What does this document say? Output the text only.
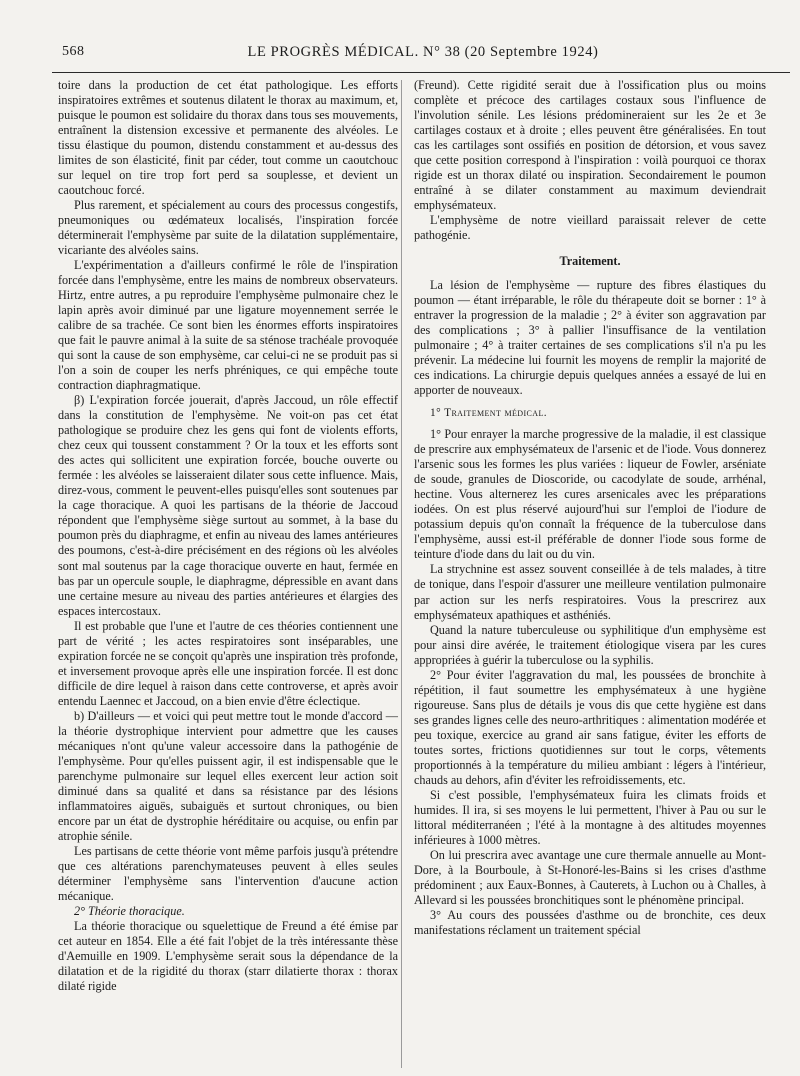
568	LE PROGRÈS MÉDICAL. N° 38 (20 Septembre 1924)

toire dans la production de cet état pathologique. Les efforts inspiratoires extrêmes et soutenus dilatent le thorax au maximum, et, puisque le poumon est solidaire du thorax dans tous ses mouvements, entraînent la distension excessive et permanente des alvéoles. Le tissu élastique du poumon, distendu constamment et au-dessus des limites de son élasticité, finit par céder, tout comme un caoutchouc sur lequel on tire trop fort perd sa souplesse, et devient un caoutchouc forcé.

Plus rarement, et spécialement au cours des processus congestifs, pneumoniques ou œdémateux localisés, l'inspiration forcée déterminerait l'emphysème par suite de la dilatation supplémentaire, vicariante des alvéoles sains.

L'expérimentation a d'ailleurs confirmé le rôle de l'inspiration forcée dans l'emphysème, entre les mains de nombreux observateurs. Hirtz, entre autres, a pu reproduire l'emphysème pulmonaire chez le lapin après avoir diminué par une ligature moyennement serrée le calibre de sa trachée. Ce sont bien les énormes efforts inspiratoires que fait le pauvre animal à la suite de sa sténose trachéale provoquée qui sont la cause de son emphysème, car celui-ci ne se produit pas si l'on a soin de couper les nerfs phréniques, ce qui empêche toute contraction diaphragmatique.

β) L'expiration forcée jouerait, d'après Jaccoud, un rôle effectif dans la constitution de l'emphysème. Ne voit-on pas cet état pathologique se produire chez les gens qui font de violents efforts, chez ceux qui toussent constamment ? Or la toux et les efforts sont des actes qui sollicitent une expiration forcée, bouche ouverte ou fermée : les alvéoles se laisseraient dilater sous cette influence. Mais, direz-vous, comment le peuvent-elles puisqu'elles sont soutenues par la cage thoracique. A quoi les partisans de la théorie de Jaccoud répondent que l'emphysème siège surtout au sommet, à la base du poumon près du diaphragme, et enfin au niveau des lames antérieures des poumons, c'est-à-dire précisément en des régions où les alvéoles sont mal soutenus par la cage thoracique ouverte en haut, fermée en bas par un opercule souple, le diaphragme, dépressible en avant dans une certaine mesure au niveau des parties antérieures et élargies des espaces intercostaux.

Il est probable que l'une et l'autre de ces théories contiennent une part de vérité ; les actes respiratoires sont inséparables, une expiration forcée ne se conçoit qu'après une inspiration très profonde, et inversement provoque après elle une inspiration forcée. Il est donc difficile de dire lequel à raison dans cette controverse, et après avoir entendu Laennec et Jaccoud, on a bien envie d'être éclectique.

b) D'ailleurs — et voici qui peut mettre tout le monde d'accord — la théorie dystrophique intervient pour admettre que les causes mécaniques n'ont qu'une valeur accessoire dans la pathogénie de l'emphysème. Pour qu'elles puissent agir, il est indispensable que le parenchyme pulmonaire sur lequel elles exercent leur action soit diminué dans sa qualité et dans sa résistance par des lésions inflammatoires aiguës, subaiguës et surtout chroniques, ou bien encore par un état de dystrophie héréditaire ou acquise, ou enfin par atrophie sénile.

Les partisans de cette théorie vont même parfois jusqu'à prétendre que ces altérations parenchymateuses peuvent à elles seules déterminer l'emphysème sans l'intervention d'aucune action mécanique.

2° Théorie thoracique.

La théorie thoracique ou squelettique de Freund a été émise par cet auteur en 1854. Elle a été fait l'objet de la très intéressante thèse d'Aemuille en 1909. L'emphysème serait sous la dépendance de la dilatation et de la rigidité du thorax (starr dilatierte thorax : thorax dilaté rigide

(Freund). Cette rigidité serait due à l'ossification plus ou moins complète et précoce des cartilages costaux sous l'influence de l'involution sénile. Les lésions prédomineraient sur les 2e et 3e cartilages costaux et à droite ; elles peuvent être généralisées. En tout cas les cartilages sont ossifiés en position de détorsion, et vous savez que cette position correspond à l'inspiration : voilà pourquoi ce thorax rigide est un thorax dilaté ou inspiration. Secondairement le poumon entraîné à se dilater constamment au maximum deviendrait emphysémateux.

L'emphysème de notre vieillard paraissait relever de cette pathogénie.

Traitement.

La lésion de l'emphysème — rupture des fibres élastiques du poumon — étant irréparable, le rôle du thérapeute doit se borner : 1° à entraver la progression de la maladie ; 2° à éviter son aggravation par des complications ; 3° à pallier l'insuffisance de la ventilation pulmonaire ; 4° à traiter certaines de ses complications s'il n'a pu les prévenir. La médecine lui fournit les moyens de remplir la majorité de ces indications. La chirurgie depuis quelques années a essayé de lui en apporter de nouveaux.

1° Traitement médical.

1° Pour enrayer la marche progressive de la maladie, il est classique de prescrire aux emphysémateux de l'arsenic et de l'iode. Vous donnerez l'arsenic sous les formes les plus variées : liqueur de Fowler, arséniate de soude, granules de Dioscoride, ou cacodylate de soude, arrhénal, hectine. Vous alternerez les cures arsenicales avec les préparations iodées. On est plus réservé aujourd'hui sur l'emploi de l'iodure de potassium depuis qu'on connaît la fréquence de la tuberculose dans l'emphysème, aussi est-il préférable de donner l'iode sous forme de teinture d'iode dans du lait ou du vin.

La strychnine est assez souvent conseillée à de tels malades, à titre de tonique, dans l'espoir d'assurer une meilleure ventilation pulmonaire par action sur les nerfs respiratoires. Vous la prescrirez aux emphysémateux apathiques et asthéniés.

Quand la nature tuberculeuse ou syphilitique d'un emphysème est pour ainsi dire avérée, le traitement étiologique visera par les cures appropriées à guérir la tuberculose ou la syphilis.

2° Pour éviter l'aggravation du mal, les poussées de bronchite à répétition, il faut soumettre les emphysémateux à une hygiène rigoureuse. Sans plus de détails je vous dis que cette hygiène est dans ses grandes lignes celle des neuro-arthritiques : alimentation modérée et peu toxique, exercice au grand air sans fatigue, éviter les efforts de toutes sortes, frictions quotidiennes sur tout le corps, vêtements proportionnés à la température du milieu ambiant : légers à l'intérieur, chauds au dehors, afin d'éviter les refroidissements, etc.

Si c'est possible, l'emphysémateux fuira les climats froids et humides. Il ira, si ses moyens le lui permettent, l'hiver à Pau ou sur le littoral méditerranéen ; l'été à la montagne à des altitudes moyennes inférieures à 1000 mètres.

On lui prescrira avec avantage une cure thermale annuelle au Mont-Dore, à la Bourboule, à St-Honoré-les-Bains si les crises d'asthme prédominent ; aux Eaux-Bonnes, à Cauterets, à Luchon ou à Challes, à Allevard si les poussées bronchitiques sont le phénomène principal.

3° Au cours des poussées d'asthme ou de bronchite, ces deux manifestations réclament un traitement spécial
